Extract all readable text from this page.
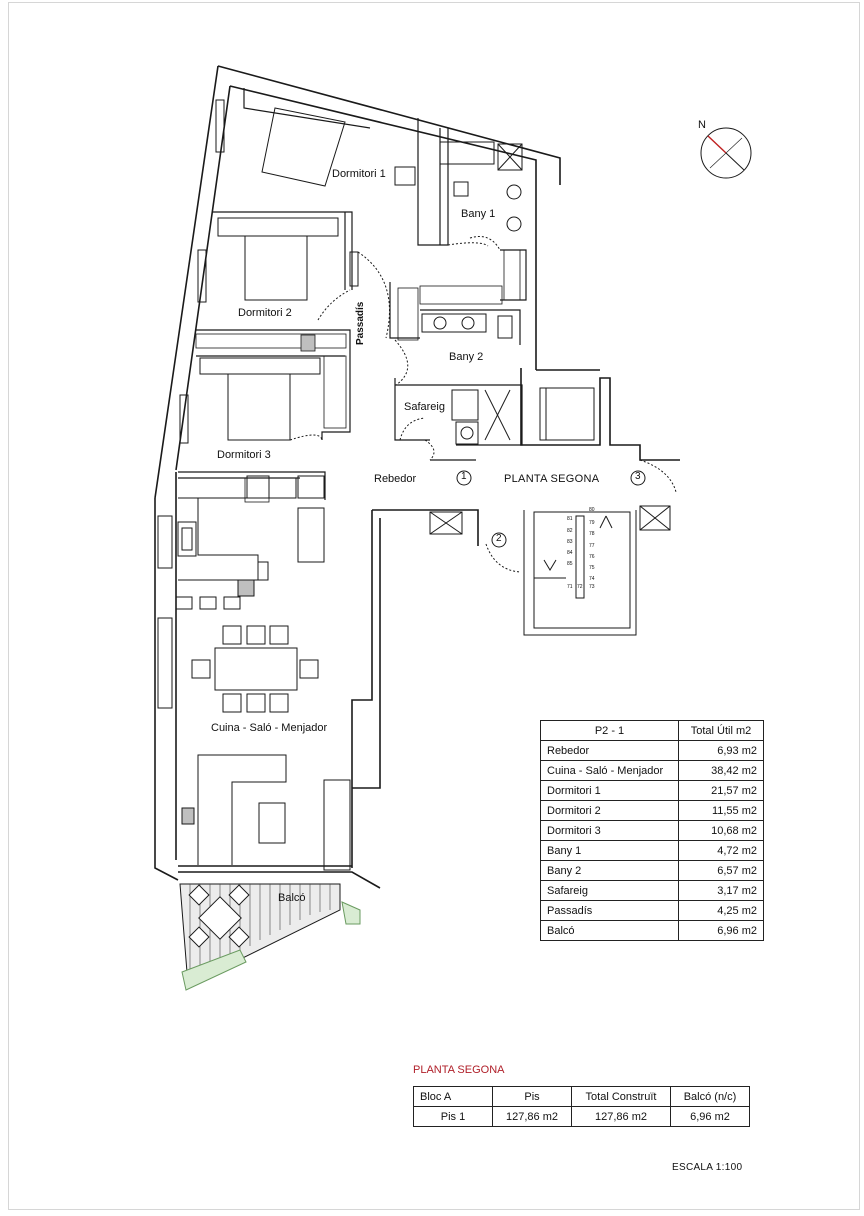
Dormitori 1
Bany 1
Dormitori 2	Passadís
Bany 2
Safareig
Dormitori 3
Rebedor	PLANTA SEGONA
Cuina - Saló - Menjador
Balcó
1
2
3
80
81
79
82	78
83
77
84
76
85
75
74
71 72 73
N
P2 - 1	Total Útil m2
Rebedor	6,93 m2
Cuina - Saló - Menjador	38,42 m2
Dormitori 1	21,57 m2
Dormitori 2	11,55 m2
Dormitori 3	10,68 m2
Bany 1	4,72 m2
Bany 2	6,57 m2
Safareig	3,17 m2
Passadís	4,25 m2
Balcó	6,96 m2
PLANTA SEGONA
Bloc A	Pis	Total Construït	Balcó (n/c)
Pis 1	127,86 m2	127,86 m2	6,96 m2
ESCALA 1:100
